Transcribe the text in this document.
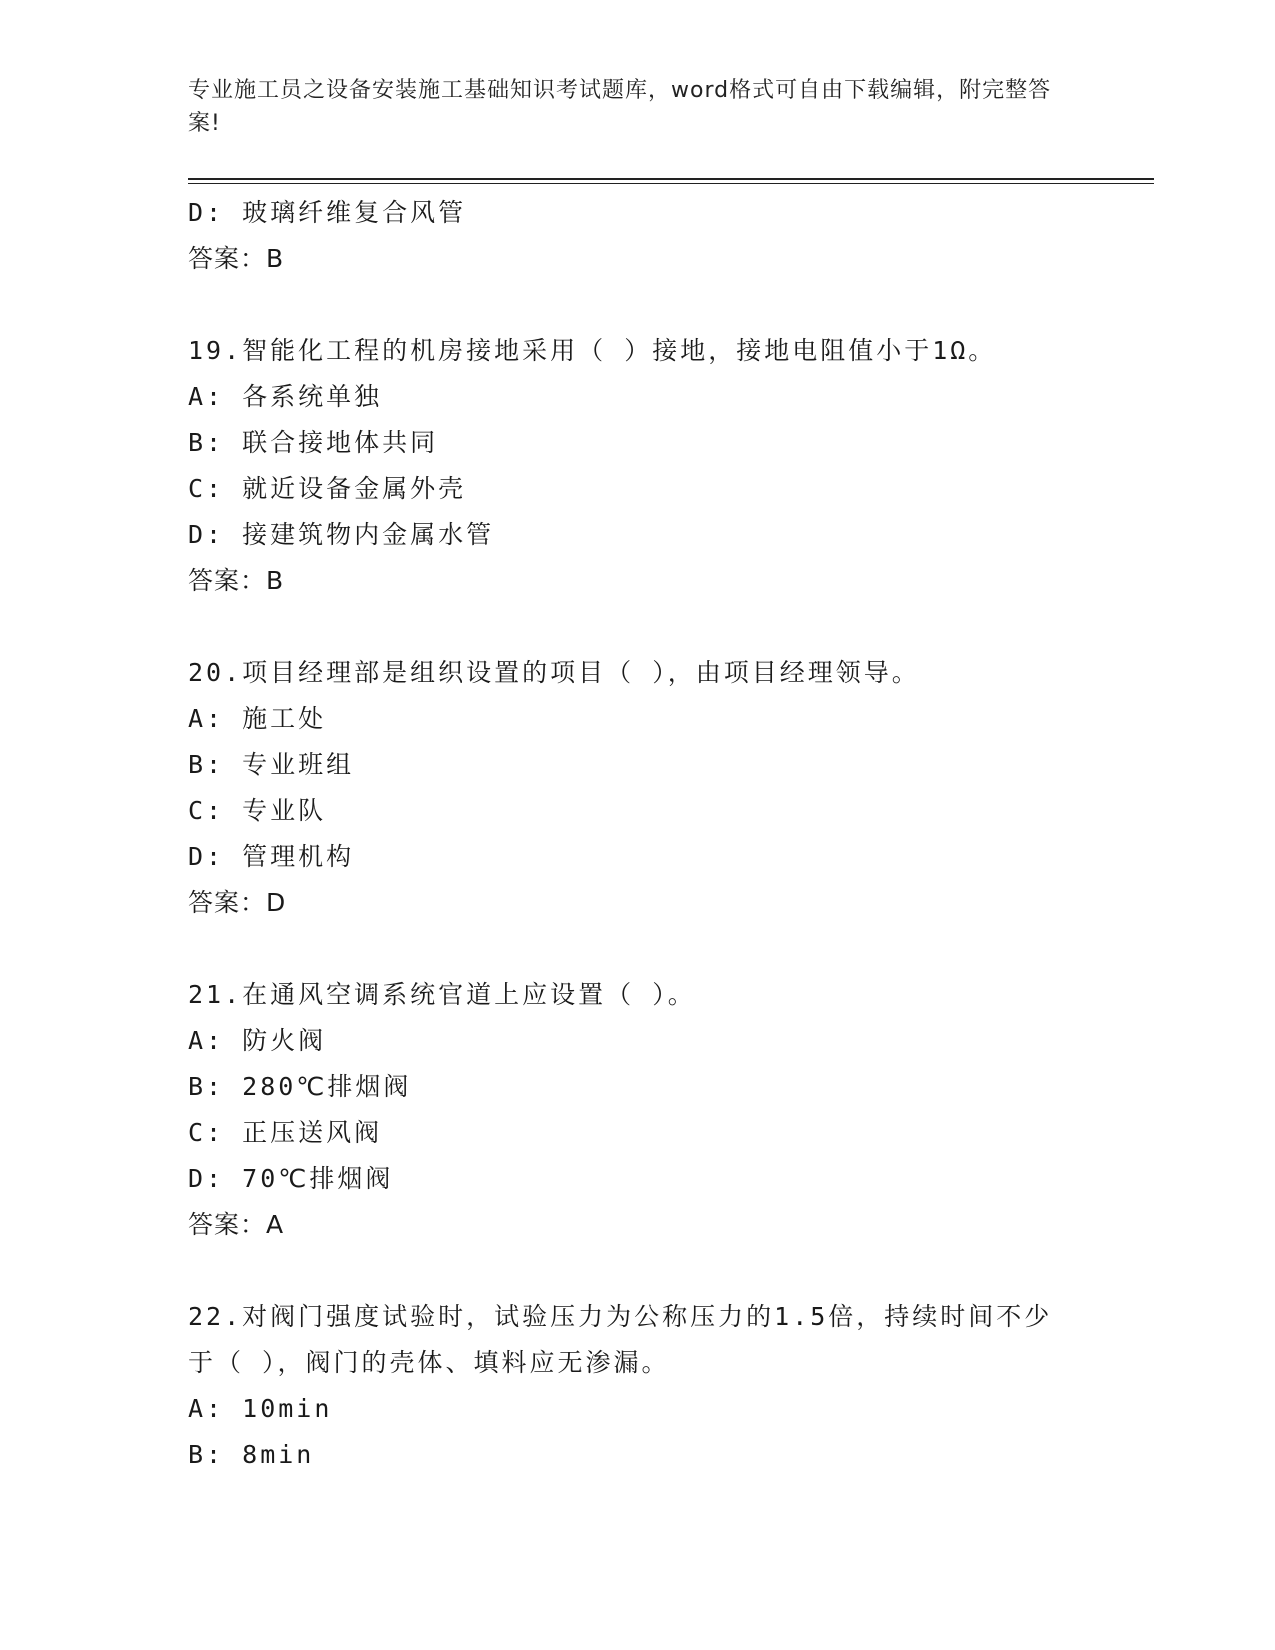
专业施工员之设备安装施工基础知识考试题库，word格式可自由下载编辑，附完整答案!
D: 玻璃纤维复合风管
答案：B
19.智能化工程的机房接地采用（ ）接地，接地电阻值小于1Ω。
A: 各系统单独
B: 联合接地体共同
C: 就近设备金属外壳
D: 接建筑物内金属水管
答案：B
20.项目经理部是组织设置的项目（ ），由项目经理领导。
A: 施工处
B: 专业班组
C: 专业队
D: 管理机构
答案：D
21.在通风空调系统官道上应设置（ ）。
A: 防火阀
B: 280℃排烟阀
C: 正压送风阀
D: 70℃排烟阀
答案：A
22.对阀门强度试验时，试验压力为公称压力的1.5倍，持续时间不少
于（ ），阀门的壳体、填料应无渗漏。
A: 10min
B: 8min
